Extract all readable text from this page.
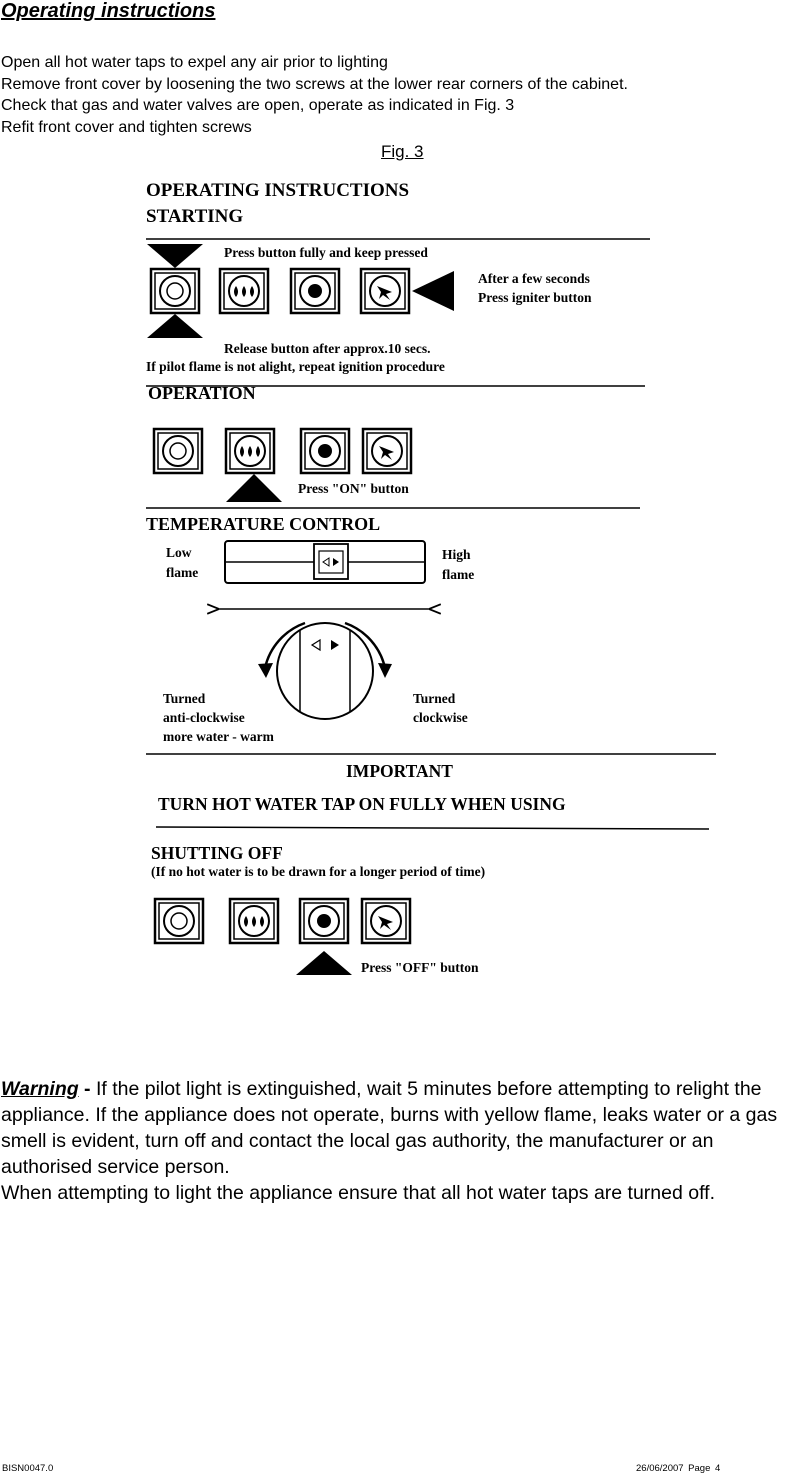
Operating instructions

Open all hot water taps to expel any air prior to lighting

Remove front cover by loosening the two screws at the lower rear corners of the cabinet.

Check that gas and water valves are open, operate as indicated in Fig. 3

Refit front cover and tighten screws

Fig. 3
OPERATING INSTRUCTIONS
STARTING
Press button fully and keep pressed
After a few seconds
Press igniter button
Release button after approx.10 secs.
If pilot flame is not alight, repeat ignition procedure
OPERATION
Press "ON" button
TEMPERATURE CONTROL
Low
flame
High
flame
Turned
anti-clockwise
more water - warm
Turned
clockwise
IMPORTANT
TURN HOT WATER TAP ON FULLY WHEN USING
SHUTTING OFF
(If no hot water is to be drawn for a longer period of time)
Press "OFF" button

Warning - If the pilot light is extinguished, wait 5 minutes before attempting to relight the appliance. If the appliance does not operate, burns with yellow flame, leaks water or a gas smell is evident, turn off and contact the local gas authority, the manufacturer or an authorised service person.

When attempting to light the appliance ensure that all hot water taps are turned off.

BISN0047.0	26/06/2007 Page 4
